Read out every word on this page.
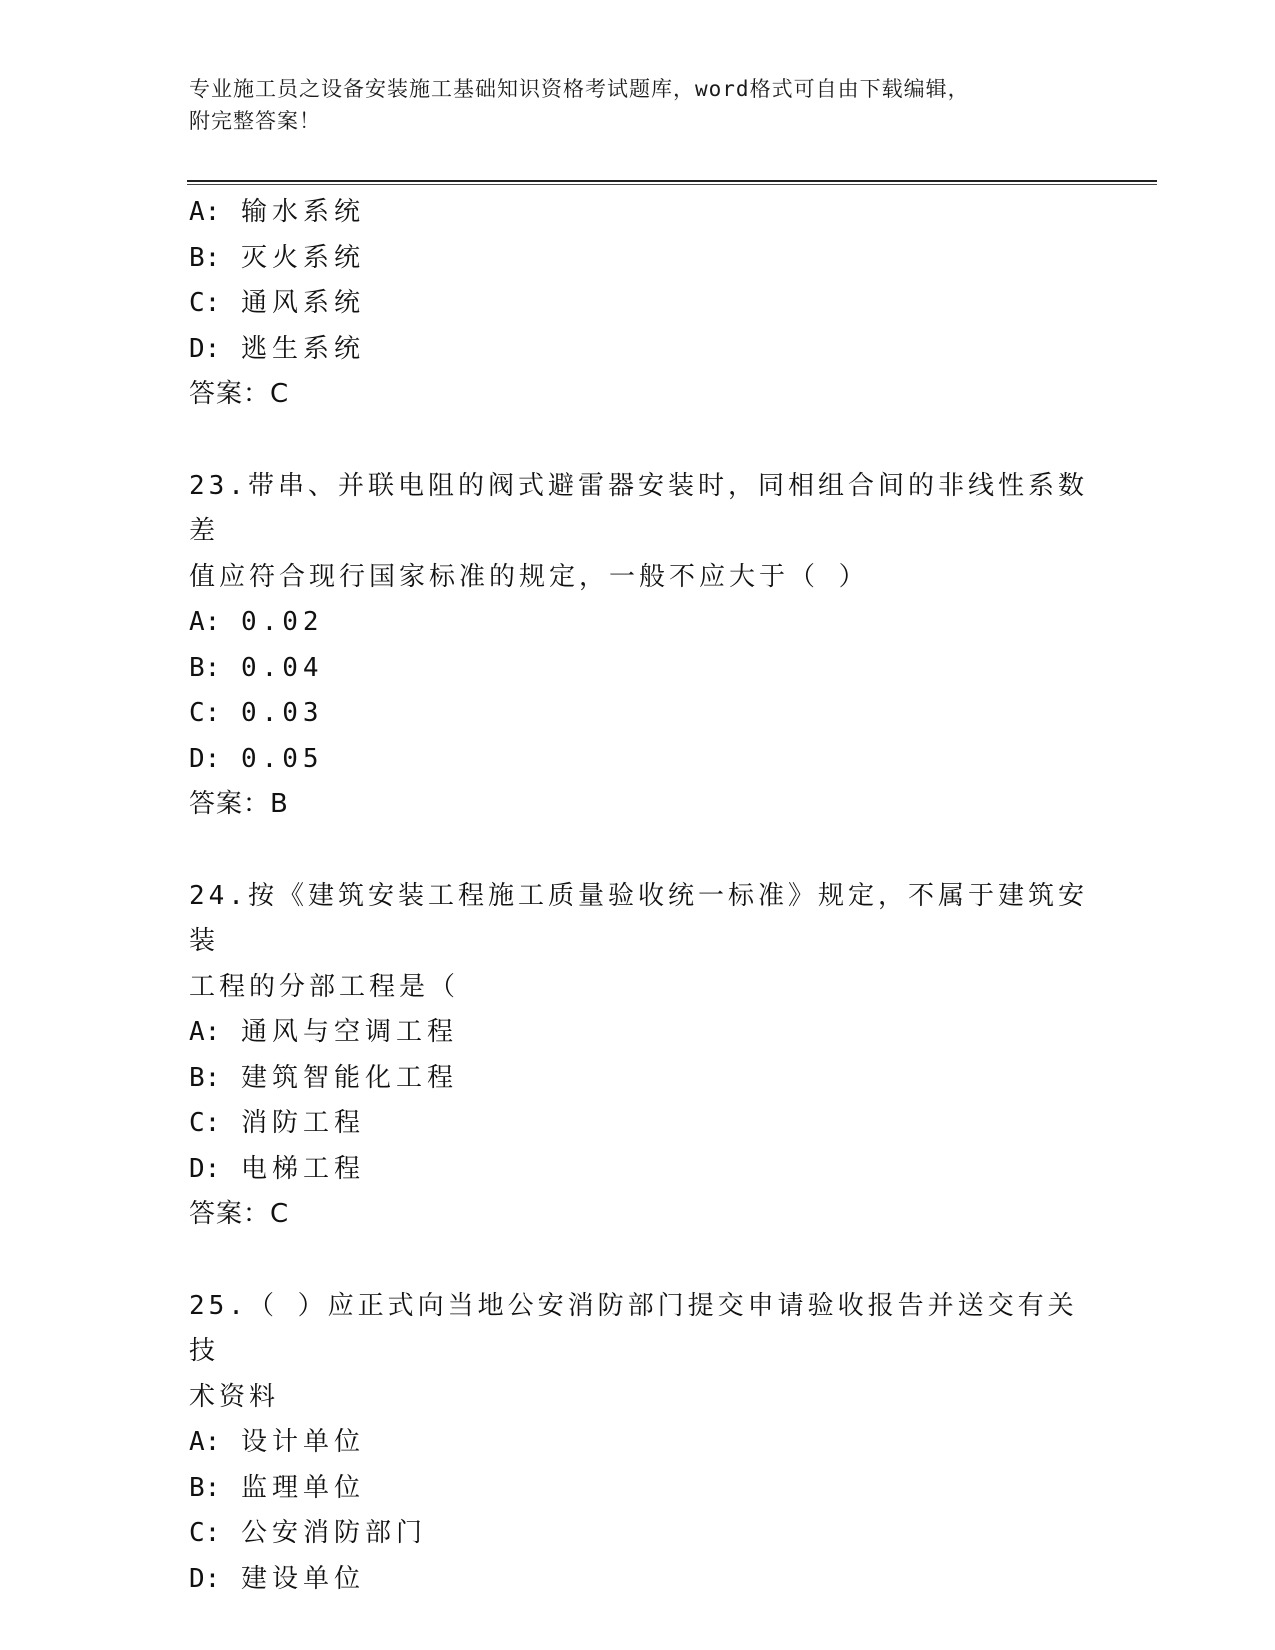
专业施工员之设备安装施工基础知识资格考试题库，word格式可自由下载编辑，
附完整答案！
A: 输水系统
B: 灭火系统
C: 通风系统
D: 逃生系统
答案：C
23.带串、并联电阻的阀式避雷器安装时，同相组合间的非线性系数差
值应符合现行国家标准的规定，一般不应大于（ ）
A: 0.02
B: 0.04
C: 0.03
D: 0.05
答案：B
24.按《建筑安装工程施工质量验收统一标准》规定，不属于建筑安装
工程的分部工程是（
A: 通风与空调工程
B: 建筑智能化工程
C: 消防工程
D: 电梯工程
答案：C
25.（ ）应正式向当地公安消防部门提交申请验收报告并送交有关技
术资料
A: 设计单位
B: 监理单位
C: 公安消防部门
D: 建设单位
